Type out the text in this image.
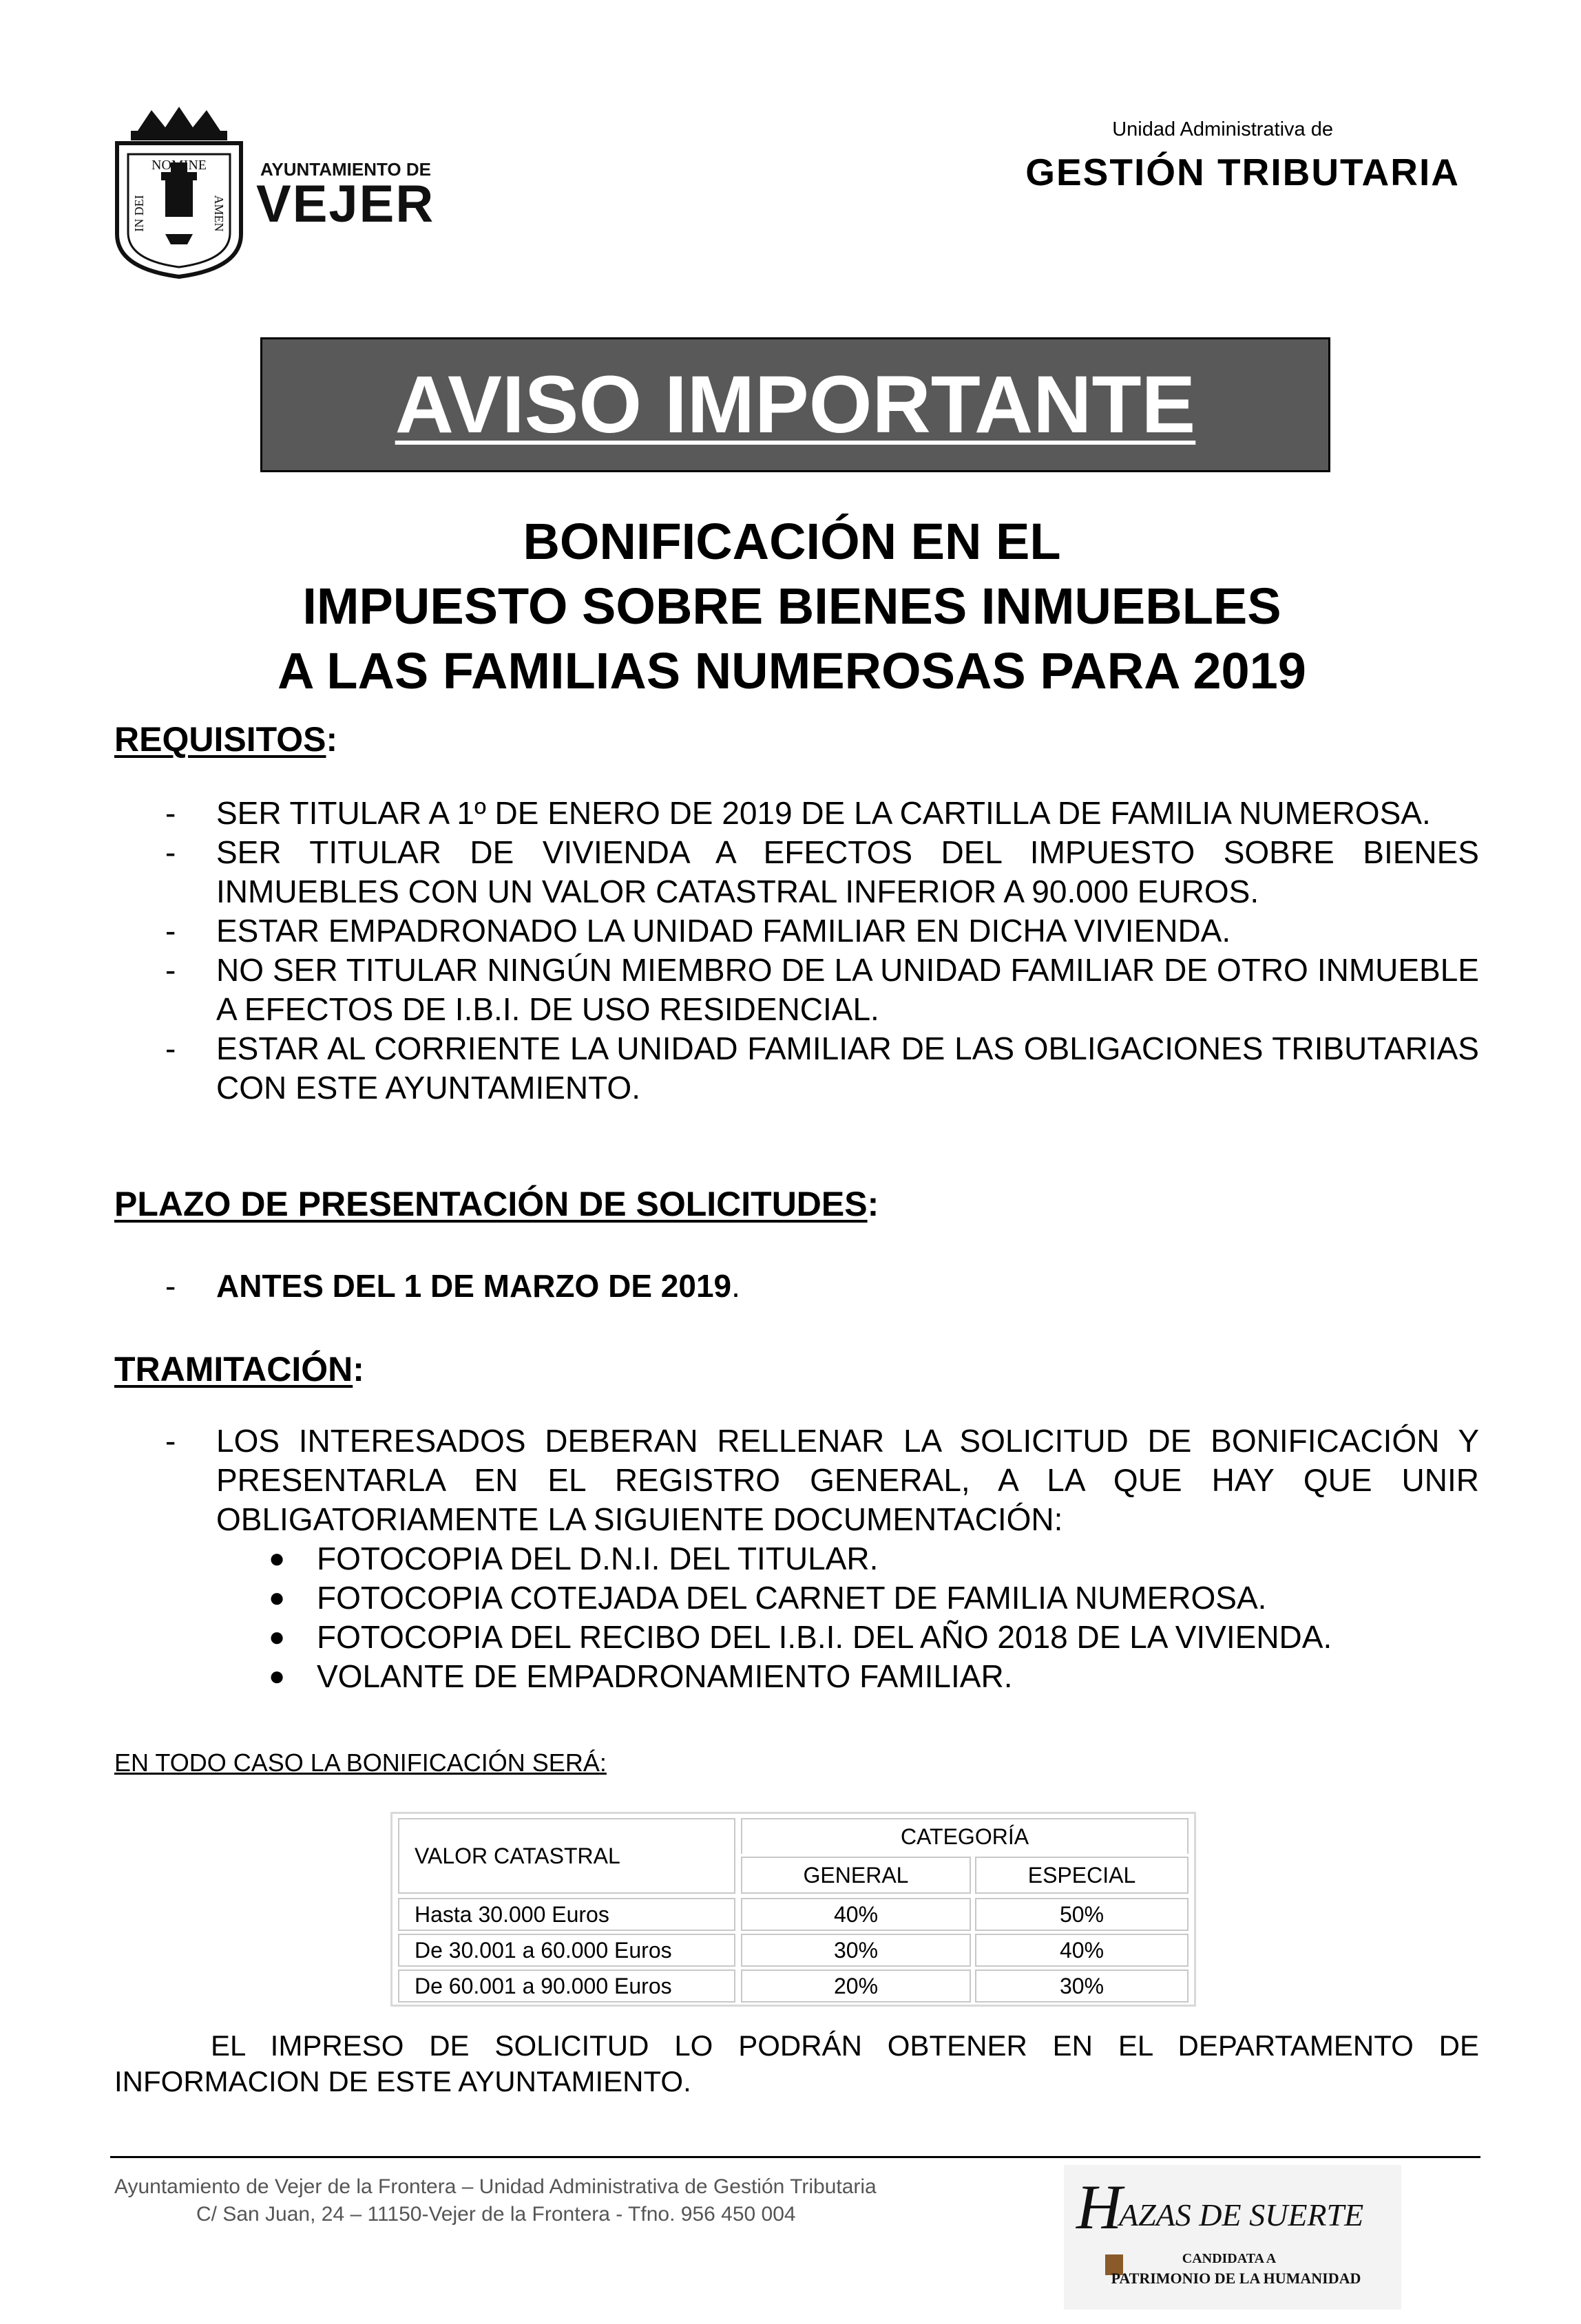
NOMINE
IN DEI	AMEN
AYUNTAMIENTO DE
VEJER
Unidad Administrativa de
GESTIÓN TRIBUTARIA
AVISO IMPORTANTE
BONIFICACIÓN EN EL
IMPUESTO SOBRE BIENES INMUEBLES
A LAS FAMILIAS NUMEROSAS PARA 2019
REQUISITOS:
- SER TITULAR A 1º DE ENERO DE 2019 DE LA CARTILLA DE FAMILIA NUMEROSA.
- SER TITULAR DE VIVIENDA A EFECTOS DEL IMPUESTO SOBRE BIENES INMUEBLES CON UN VALOR CATASTRAL INFERIOR A 90.000 EUROS.
- ESTAR EMPADRONADO LA UNIDAD FAMILIAR EN DICHA VIVIENDA.
- NO SER TITULAR NINGÚN MIEMBRO DE LA UNIDAD FAMILIAR DE OTRO INMUEBLE A EFECTOS DE I.B.I. DE USO RESIDENCIAL.
- ESTAR AL CORRIENTE LA UNIDAD FAMILIAR DE LAS OBLIGACIONES TRIBUTARIAS CON ESTE AYUNTAMIENTO.
PLAZO DE PRESENTACIÓN DE SOLICITUDES:
- ANTES DEL 1 DE MARZO DE 2019.
TRAMITACIÓN:
- LOS INTERESADOS DEBERAN RELLENAR LA SOLICITUD DE BONIFICACIÓN Y PRESENTARLA EN EL REGISTRO GENERAL, A LA QUE HAY QUE UNIR OBLIGATORIAMENTE LA SIGUIENTE DOCUMENTACIÓN:
● FOTOCOPIA DEL D.N.I. DEL TITULAR.
● FOTOCOPIA COTEJADA DEL CARNET DE FAMILIA NUMEROSA.
● FOTOCOPIA DEL RECIBO DEL I.B.I. DEL AÑO 2018 DE LA VIVIENDA.
● VOLANTE DE EMPADRONAMIENTO FAMILIAR.
EN TODO CASO LA BONIFICACIÓN SERÁ:
VALOR CATASTRAL
CATEGORÍA
GENERAL	ESPECIAL
Hasta 30.000 Euros	40%	50%
De 30.001 a 60.000 Euros	30%	40%
De 60.001 a 90.000 Euros	20%	30%
EL IMPRESO DE SOLICITUD LO PODRÁN OBTENER EN EL DEPARTAMENTO DE INFORMACION DE ESTE AYUNTAMIENTO.
Ayuntamiento de Vejer de la Frontera – Unidad Administrativa de Gestión Tributaria
C/ San Juan, 24 – 11150-Vejer de la Frontera - Tfno. 956 450 004	H
AZAS DE SUERTE
CANDIDATA A
PATRIMONIO DE LA HUMANIDAD
